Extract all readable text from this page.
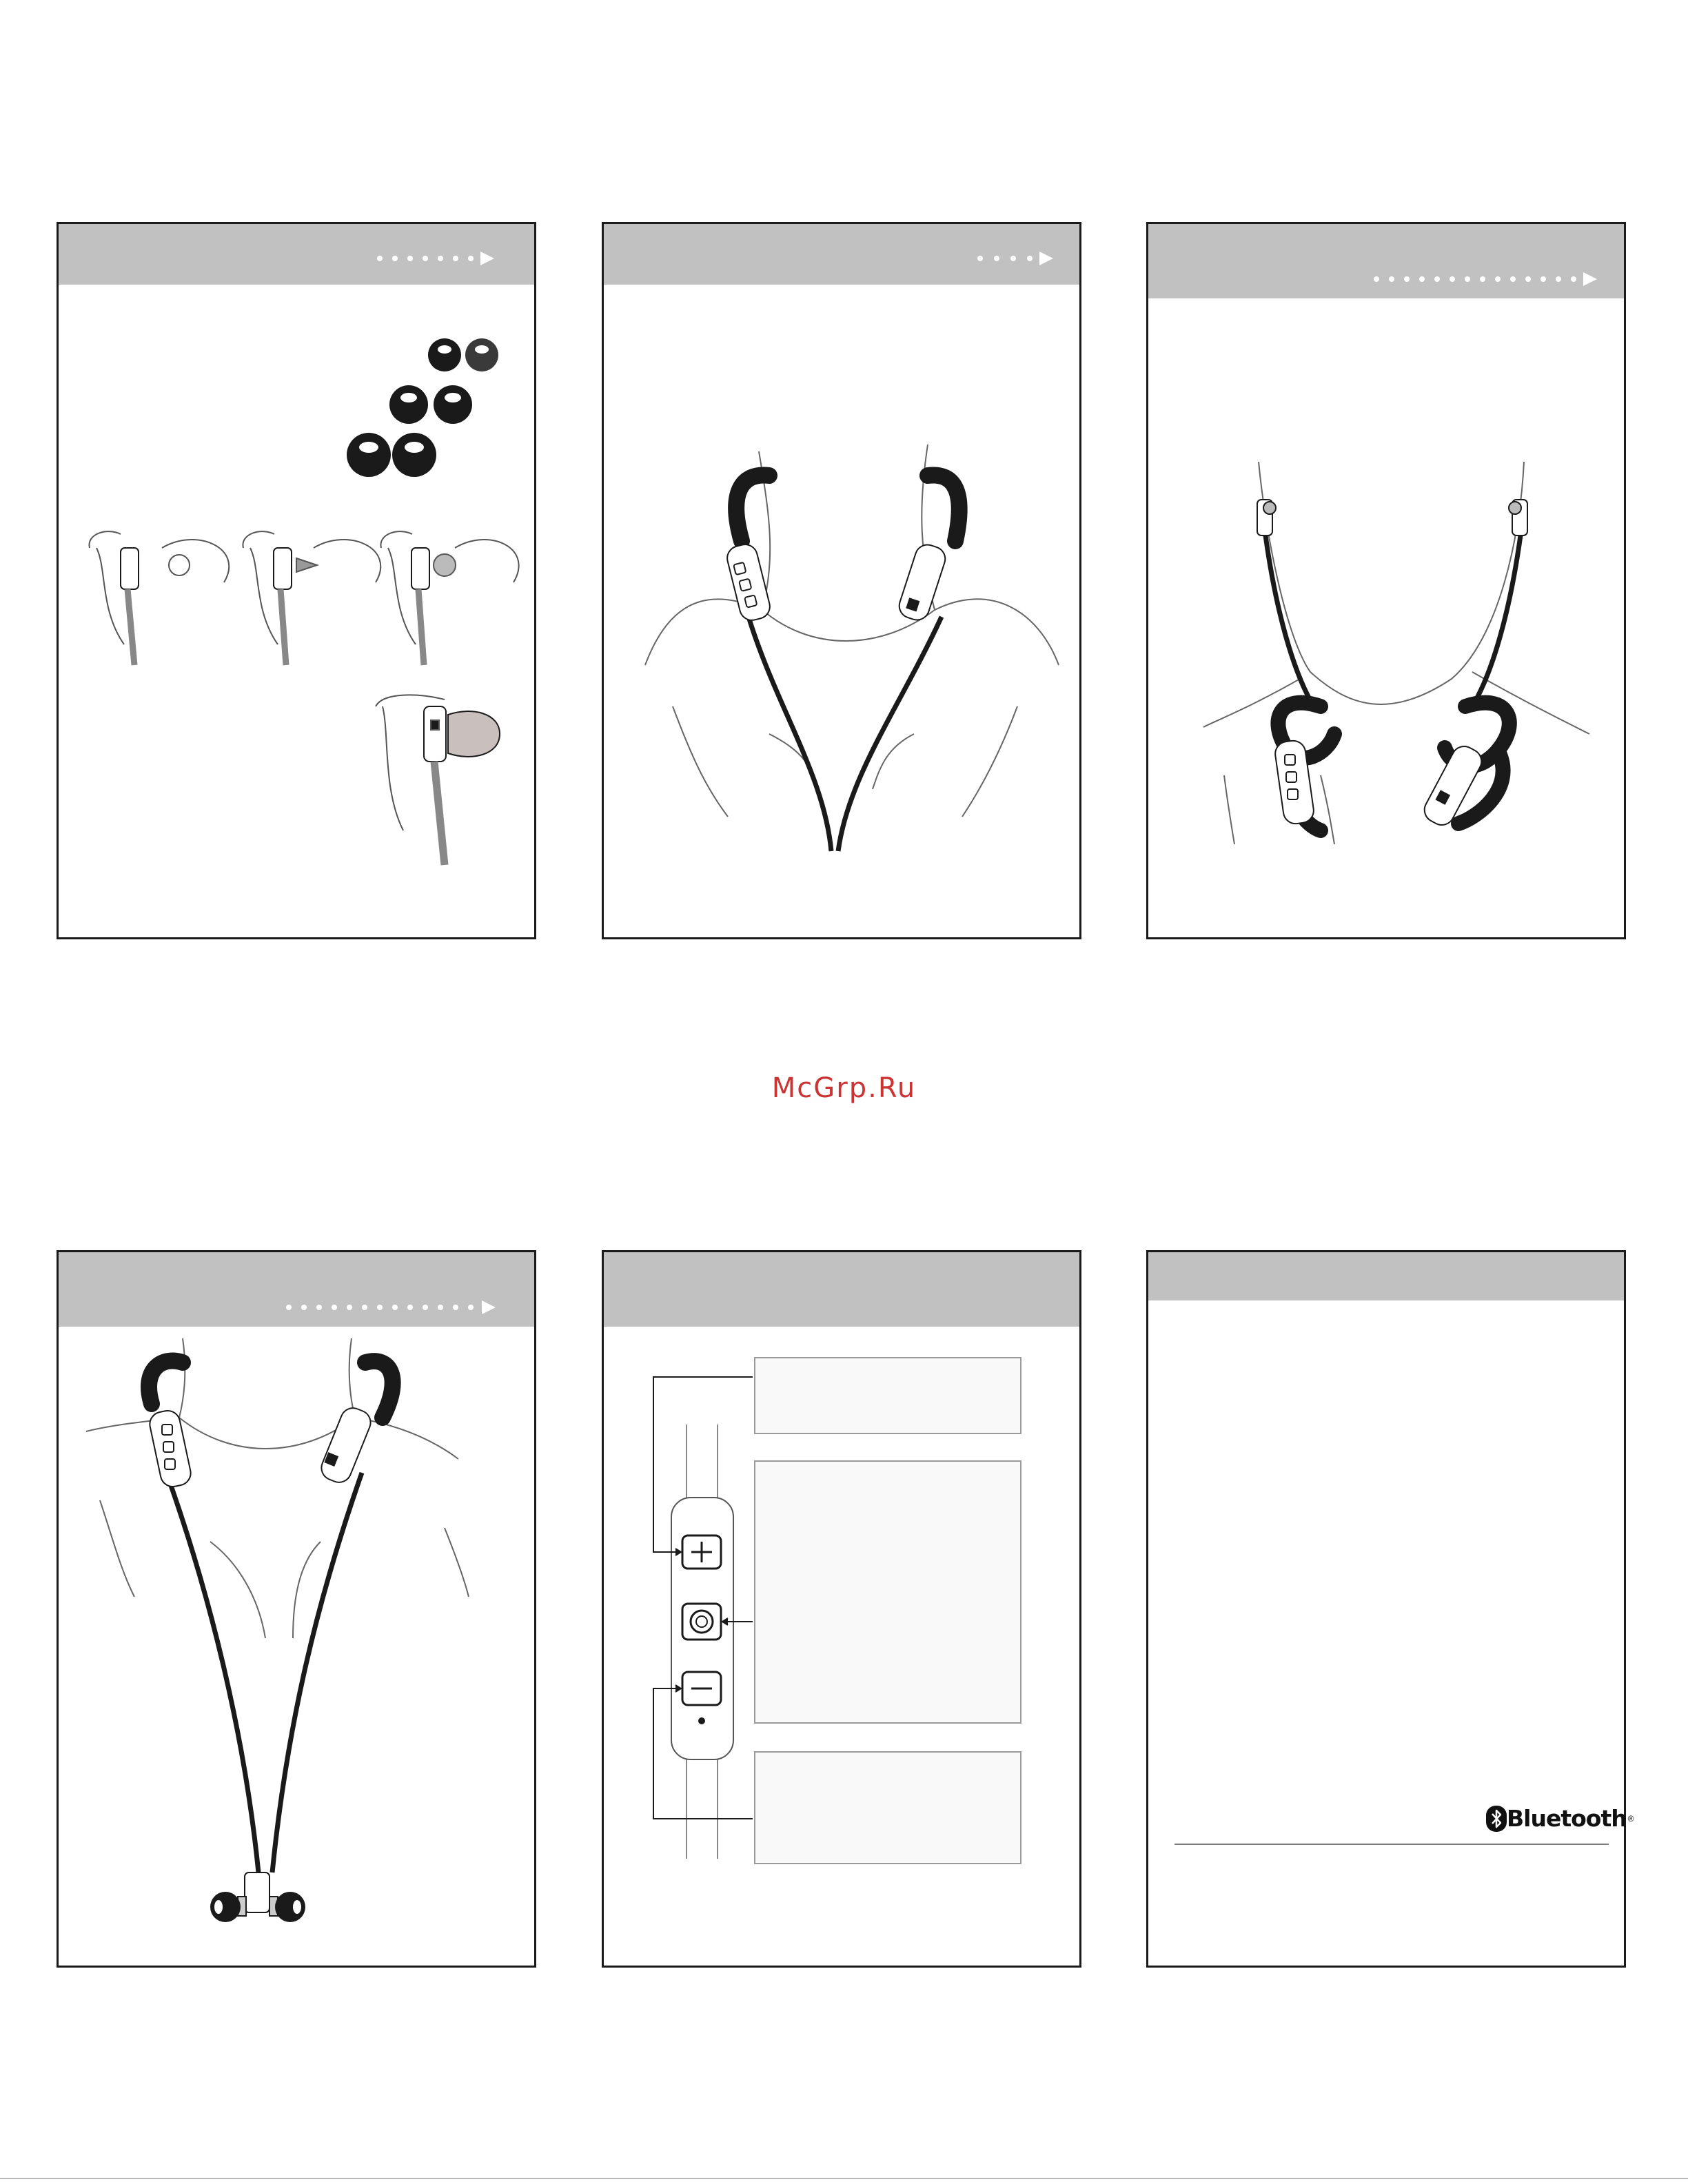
McGrp.Ru
Bluetooth ®
